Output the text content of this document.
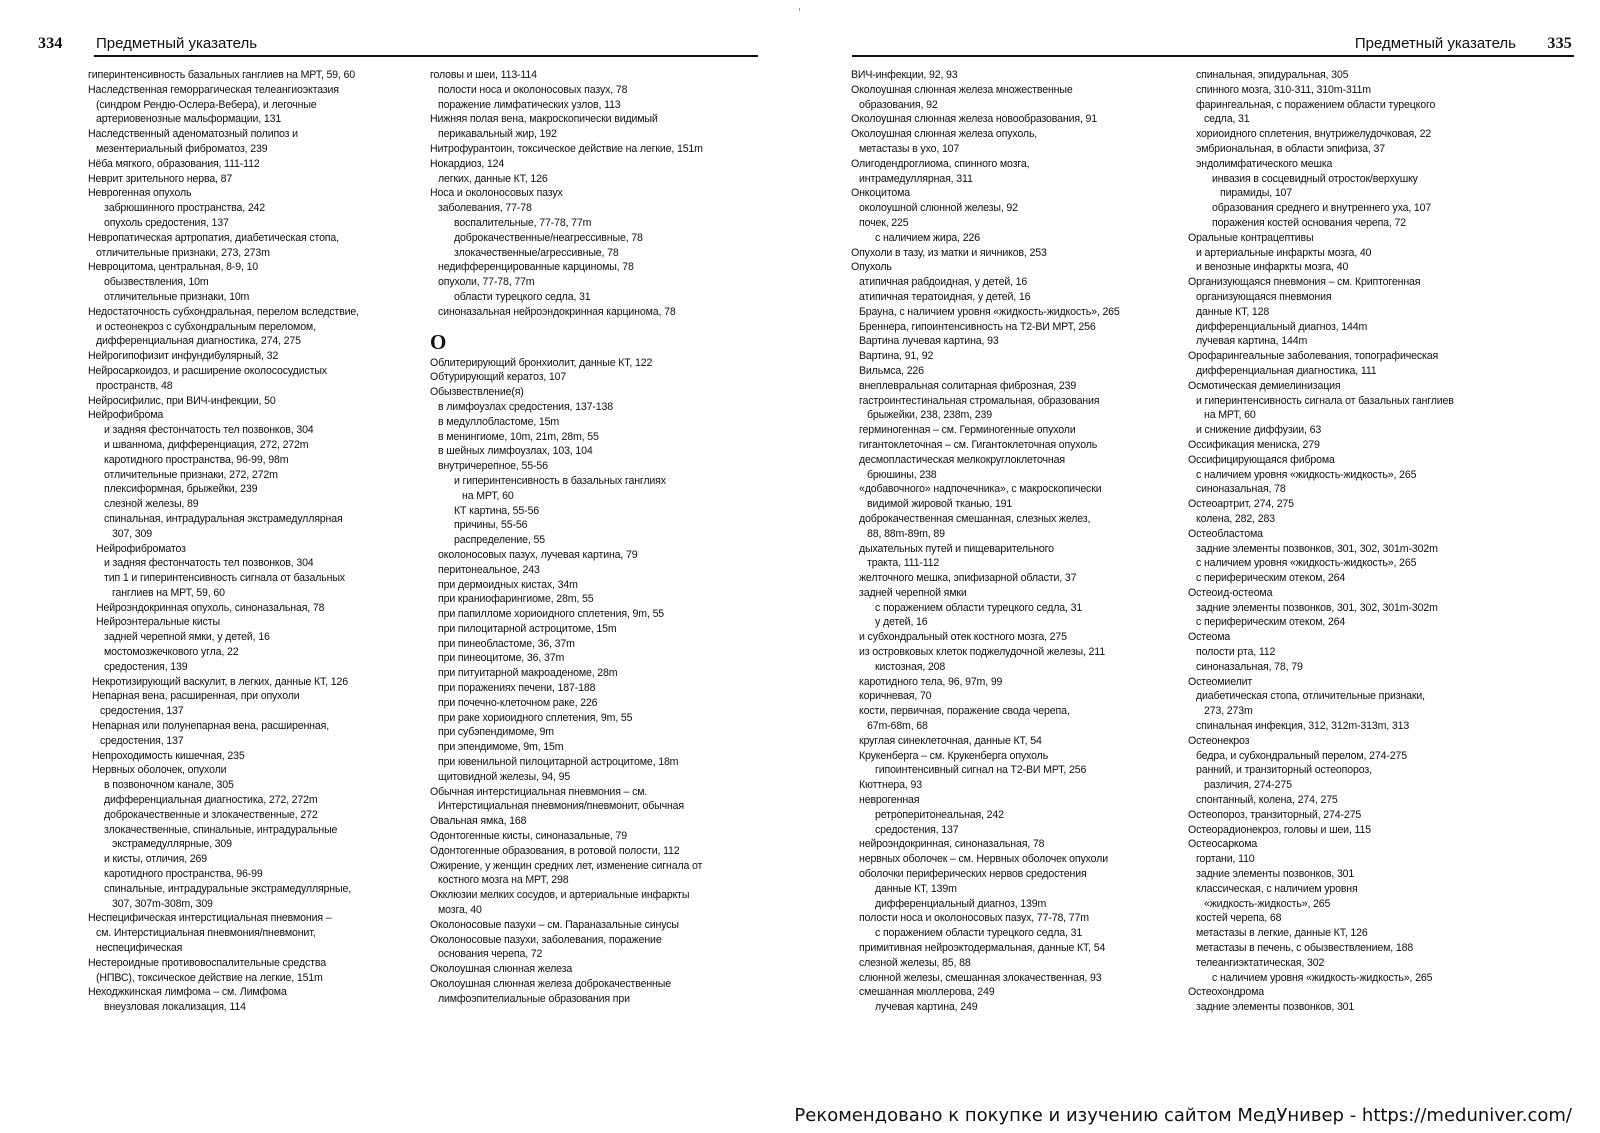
334 Предметный указатель
гиперинтенсивность базальных ганглиев на МРТ, 59, 60
Наследственная геморрагическая телеангиоэктазия
(синдром Рендю-Ослера-Вебера), и легочные
артериовенозные мальформации, 131
Наследственный аденоматозный полипоз и
мезентериальный фиброматоз, 239
Нёба мягкого, образования, 111-112
Неврит зрительного нерва, 87
Неврогенная опухоль
забрюшинного пространства, 242
опухоль средостения, 137
Невропатическая артропатия, диабетическая стопа,
отличительные признаки, 273, 273m
Невроцитома, центральная, 8-9, 10
обызвествления, 10m
отличительные признаки, 10m
Недостаточность субхондральная, перелом вследствие,
и остеонекроз с субхондральным переломом,
дифференциальная диагностика, 274, 275
Нейрогипофизит инфундибулярный, 32
Нейросаркоидоз, и расширение околососудистых
пространств, 48
Нейросифилис, при ВИЧ-инфекции, 50
Нейрофиброма
и задняя фестончатость тел позвонков, 304
и шванномa, дифференциация, 272, 272m
каротидного пространства, 96-99, 98m
отличительные признаки, 272, 272m
плексиформная, брыжейки, 239
слезной железы, 89
спинальная, интрадуральная экстрамедуллярная
307, 309
Нейрофиброматоз
и задняя фестончатость тел позвонков, 304
тип 1 и гиперинтенсивность сигнала от базальных
ганглиев на МРТ, 59, 60
Нейроэндокринная опухоль, синоназальная, 78
Нейроэнтеральные кисты
задней черепной ямки, у детей, 16
мостомозжечкового угла, 22
средостения, 139
Некротизирующий васкулит, в легких, данные КТ, 126
Непарная вена, расширенная, при опухоли
средостения, 137
Непарная или полунепарная вена, расширенная,
средостения, 137
Непроходимость кишечная, 235
Нервных оболочек, опухоли
в позвоночном канале, 305
дифференциальная диагностика, 272, 272m
доброкачественные и злокачественные, 272
злокачественные, спинальные, интрадуральные
экстрамедуллярные, 309
и кисты, отличия, 269
каротидного пространства, 96-99
спинальные, интрадуральные экстрамедуллярные,
307, 307m-308m, 309
Неспецифическая интерстициальная пневмония –
см. Интерстициальная пневмония/пневмонит,
неспецифическая
Нестероидные противовоспалительные средства
(НПВС), токсическое действие на легкие, 151m
Неходжкинская лимфома – см. Лимфома
внеузловая локализация, 114
головы и шеи, 113-114
полости носа и околоносовых пазух, 78
поражение лимфатических узлов, 113
Нижняя полая вена, макроскопически видимый
перикавальный жир, 192
Нитрофурантоин, токсическое действие на легкие, 151m
Нокардиоз, 124
легких, данные КТ, 126
Носа и околоносовых пазух
заболевания, 77-78
воспалительные, 77-78, 77m
доброкачественные/неагрессивные, 78
злокачественные/агрессивные, 78
недифференцированные карциномы, 78
опухоли, 77-78, 77m
области турецкого седла, 31
синоназальная нейроэндокринная карцинома, 78
О
Облитерирующий бронхиолит, данные КТ, 122
Обтурирующий кератоз, 107
Обызвествление(я)
в лимфоузлах средостения, 137-138
в медуллобластоме, 15m
в менингиоме, 10m, 21m, 28m, 55
в шейных лимфоузлах, 103, 104
внутричерепное, 55-56
и гиперинтенсивность в базальных ганглиях
на МРТ, 60
КТ картина, 55-56
причины, 55-56
распределение, 55
околоносовых пазух, лучевая картина, 79
перитонеальное, 243
при дермоидных кистах, 34m
при краниофарингиоме, 28m, 55
при папилломе хориоидного сплетения, 9m, 55
при пилоцитарной астроцитоме, 15m
при пинеобластоме, 36, 37m
при пинеоцитоме, 36, 37m
при питуитарной макроаденоме, 28m
при поражениях печени, 187-188
при почечно-клеточном раке, 226
при раке хориоидного сплетения, 9m, 55
при субэпендимоме, 9m
при эпендимоме, 9m, 15m
при ювенильной пилоцитарной астроцитоме, 18m
щитовидной железы, 94, 95
Обычная интерстициальная пневмония – см.
Интерстициальная пневмония/пневмонит, обычная
Овальная ямка, 168
Одонтогенные кисты, синоназальные, 79
Одонтогенные образования, в ротовой полости, 112
Ожирение, у женщин средних лет, изменение сигнала от
костного мозга на МРТ, 298
Окклюзии мелких сосудов, и артериальные инфаркты
мозга, 40
Околоносовые пазухи – см. Параназальные синусы
Околоносовые пазухи, заболевания, поражение
основания черепа, 72
Околоушная слюнная железа
Околоушная слюнная железа доброкачественные
лимфоэпителиальные образования при
335
Предметный указатель
ВИЧ-инфекции, 92, 93
Околоушная слюнная железа множественные
образования, 92
Околоушная слюнная железа новообразования, 91
Околоушная слюнная железа опухоль,
метастазы в ухо, 107
Олигодендроглиома, спинного мозга,
интрамедуллярная, 311
Онкоцитома
околоушной слюнной железы, 92
почек, 225
с наличием жира, 226
Опухоли в тазу, из матки и яичников, 253
Опухоль
атипичная рабдоидная, у детей, 16
атипичная тератоидная, у детей, 16
Брауна, с наличием уровня «жидкость-жидкость», 265
Бреннера, гипоинтенсивность на Т2-ВИ МРТ, 256
Вартина лучевая картина, 93
Вартина, 91, 92
Вильмса, 226
внеплевральная солитарная фиброзная, 239
гастроинтестинальная стромальная, образования
брыжейки, 238, 238m, 239
герминогенная – см. Герминогенные опухоли
гигантоклеточная – см. Гигантоклеточная опухоль
десмопластическая мелкокруглоклеточная
брюшины, 238
«добавочного» надпочечника», с макроскопически
видимой жировой тканью, 191
доброкачественная смешанная, слезных желез,
88, 88m-89m, 89
дыхательных путей и пищеварительного
тракта, 111-112
желточного мешка, эпифизарной области, 37
задней черепной ямки
с поражением области турецкого седла, 31
у детей, 16
и субхондральный отек костного мозга, 275
из островковых клеток поджелудочной железы, 211
кистозная, 208
каротидного тела, 96, 97m, 99
коричневая, 70
кости, первичная, поражение свода черепа,
67m-68m, 68
круглая синеклеточная, данные КТ, 54
Крукенберга – см. Крукенберга опухоль
гипоинтенсивный сигнал на Т2-ВИ МРТ, 256
Кюттнера, 93
неврогенная
ретроперитонеальная, 242
средостения, 137
нейроэндокринная, синоназальная, 78
нервных оболочек – см. Нервных оболочек опухоли
оболочки периферических нервов средостения
данные КТ, 139m
дифференциальный диагноз, 139m
полости носа и околоносовых пазух, 77-78, 77m
с поражением области турецкого седла, 31
примитивная нейроэктодермальная, данные КТ, 54
слезной железы, 85, 88
слюнной железы, смешанная злокачественная, 93
смешанная мюллерова, 249
лучевая картина, 249
спинальная, эпидуральная, 305
спинного мозга, 310-311, 310m-311m
фарингеальная, с поражением области турецкого
седла, 31
хориоидного сплетения, внутрижелудочковая, 22
эмбриональная, в области эпифиза, 37
эндолимфатического мешка
инвазия в сосцевидный отросток/верхушку
пирамиды, 107
образования среднего и внутреннего уха, 107
поражения костей основания черепа, 72
Оральные контрацептивы
и артериальные инфаркты мозга, 40
и венозные инфаркты мозга, 40
Организующаяся пневмония – см. Криптогенная
организующаяся пневмония
данные КТ, 128
дифференциальный диагноз, 144m
лучевая картина, 144m
Орофарингеальные заболевания, топографическая
дифференциальная диагностика, 111
Осмотическая демиелинизация
и гиперинтенсивность сигнала от базальных ганглиев
на МРТ, 60
и снижение диффузии, 63
Оссификация мениска, 279
Оссифицирующаяся фиброма
с наличием уровня «жидкость-жидкость», 265
синоназальная, 78
Остеоартрит, 274, 275
колена, 282, 283
Остеобластома
задние элементы позвонков, 301, 302, 301m-302m
с наличием уровня «жидкость-жидкость», 265
с периферическим отеком, 264
Остеоид-остеома
задние элементы позвонков, 301, 302, 301m-302m
с периферическим отеком, 264
Остеома
полости рта, 112
синоназальная, 78, 79
Остеомиелит
диабетическая стопа, отличительные признаки,
273, 273m
спинальная инфекция, 312, 312m-313m, 313
Остеонекроз
бедра, и субхондральный перелом, 274-275
ранний, и транзиторный остеопороз,
различия, 274-275
спонтанный, колена, 274, 275
Остеопороз, транзиторный, 274-275
Остеорадионекроз, головы и шеи, 115
Остеосаркома
гортани, 110
задние элементы позвонков, 301
классическая, с наличием уровня
«жидкость-жидкость», 265
костей черепа, 68
метастазы в легкие, данные КТ, 126
метастазы в печень, с обызвествлением, 188
телеангиэктатическая, 302
с наличием уровня «жидкость-жидкость», 265
Остеохондрома
задние элементы позвонков, 301
Рекомендовано к покупке и изучению сайтом МедУнивер - https://meduniver.com/
